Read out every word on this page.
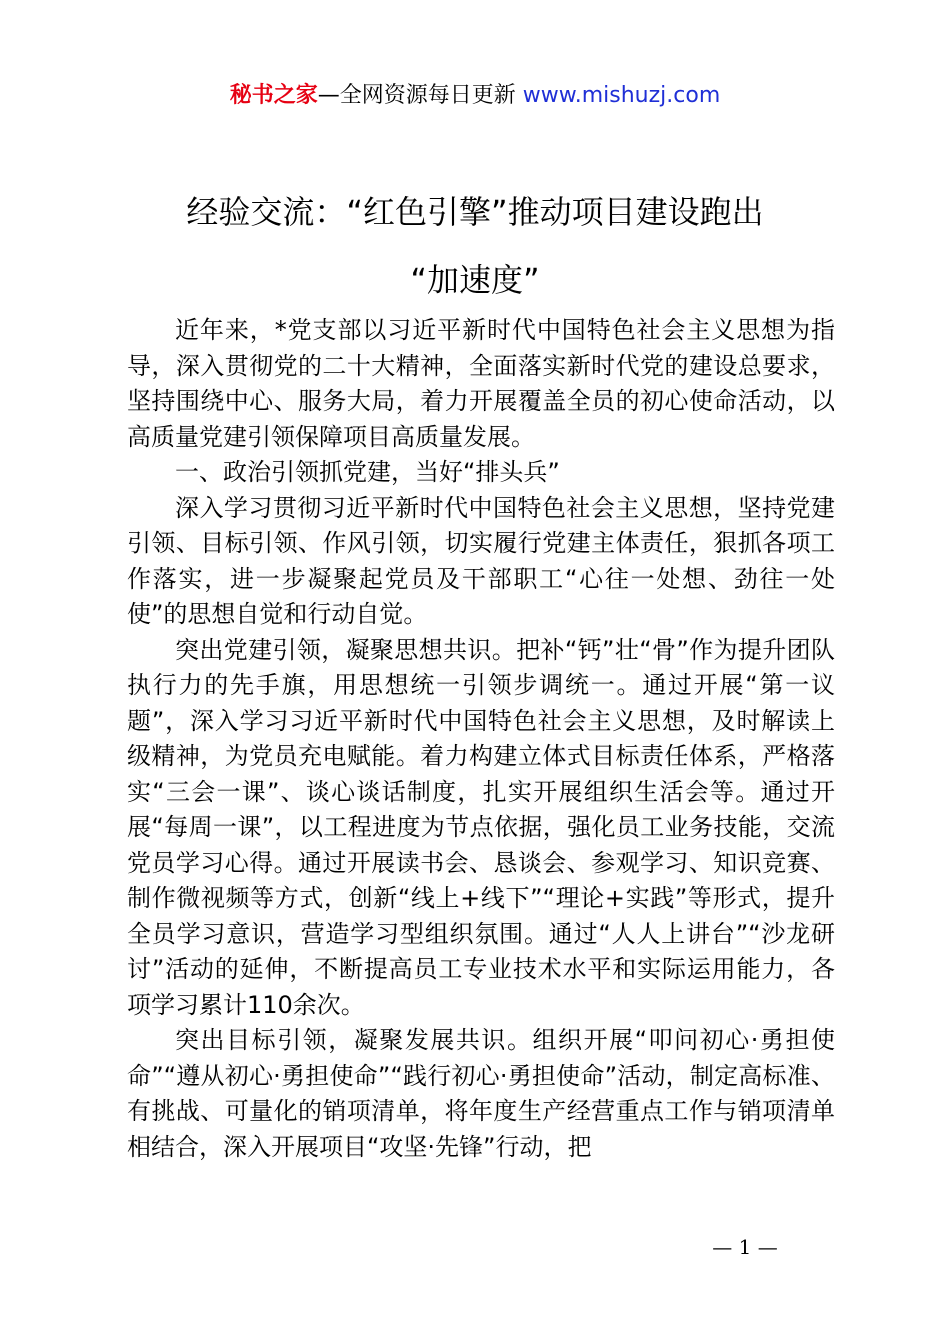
秘书之家—全网资源每日更新 www.mishuzj.com
经验交流：“红色引擎”推动项目建设跑出
“加速度”

近年来，*党支部以习近平新时代中国特色社会主义思想为指导，深入贯彻党的二十大精神，全面落实新时代党的建设总要求，坚持围绕中心、服务大局，着力开展覆盖全员的初心使命活动，以高质量党建引领保障项目高质量发展。

一、政治引领抓党建，当好“排头兵”

深入学习贯彻习近平新时代中国特色社会主义思想，坚持党建引领、目标引领、作风引领，切实履行党建主体责任，狠抓各项工作落实，进一步凝聚起党员及干部职工“心往一处想、劲往一处使”的思想自觉和行动自觉。

突出党建引领，凝聚思想共识。把补“钙”壮“骨”作为提升团队执行力的先手旗，用思想统一引领步调统一。通过开展“第一议题”，深入学习习近平新时代中国特色社会主义思想，及时解读上级精神，为党员充电赋能。着力构建立体式目标责任体系，严格落实“三会一课”、谈心谈话制度，扎实开展组织生活会等。通过开展“每周一课”，以工程进度为节点依据，强化员工业务技能，交流党员学习心得。通过开展读书会、恳谈会、参观学习、知识竞赛、制作微视频等方式，创新“线上+线下”“理论+实践”等形式，提升全员学习意识，营造学习型组织氛围。通过“人人上讲台”“沙龙研讨”活动的延伸，不断提高员工专业技术水平和实际运用能力，各项学习累计110余次。

突出目标引领，凝聚发展共识。组织开展“叩问初心·勇担使命”“遵从初心·勇担使命”“践行初心·勇担使命”活动，制定高标准、有挑战、可量化的销项清单，将年度生产经营重点工作与销项清单相结合，深入开展项目“攻坚·先锋”行动，把

— 1 —
